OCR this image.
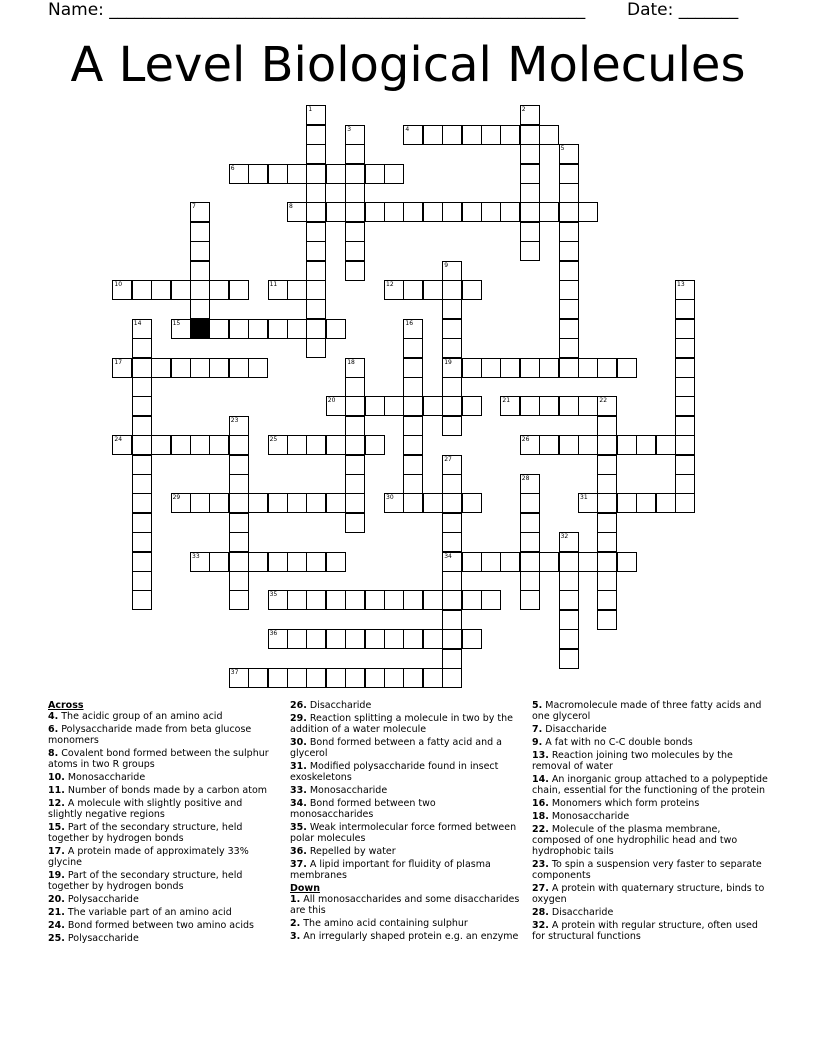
Name: ________________________________________________________ Date: _______
A Level Biological Molecules
1	2
3	4
5
6
7	8
9
10	11	12	13
14	15	16
17	18	19
20	21	22
23
24	25	26
27
28
29	30	31
32
33	34
35
36
37
Across
4. The acidic group of an amino acid
6. Polysaccharide made from beta glucose monomers
8. Covalent bond formed between the sulphur atoms in two R groups
10. Monosaccharide
11. Number of bonds made by a carbon atom
12. A molecule with slightly positive and slightly negative regions
15. Part of the secondary structure, held together by hydrogen bonds
17. A protein made of approximately 33% glycine
19. Part of the secondary structure, held together by hydrogen bonds
20. Polysaccharide
21. The variable part of an amino acid
24. Bond formed between two amino acids
25. Polysaccharide
26. Disaccharide
29. Reaction splitting a molecule in two by the addition of a water molecule
30. Bond formed between a fatty acid and a glycerol
31. Modified polysaccharide found in insect exoskeletons
33. Monosaccharide
34. Bond formed between two monosaccharides
35. Weak intermolecular force formed between polar molecules
36. Repelled by water
37. A lipid important for fluidity of plasma membranes
Down
1. All monosaccharides and some disaccharides are this
2. The amino acid containing sulphur
3. An irregularly shaped protein e.g. an enzyme
5. Macromolecule made of three fatty acids and one glycerol
7. Disaccharide
9. A fat with no C-C double bonds
13. Reaction joining two molecules by the removal of water
14. An inorganic group attached to a polypeptide chain, essential for the functioning of the protein
16. Monomers which form proteins
18. Monosaccharide
22. Molecule of the plasma membrane, composed of one hydrophilic head and two hydrophobic tails
23. To spin a suspension very faster to separate components
27. A protein with quaternary structure, binds to oxygen
28. Disaccharide
32. A protein with regular structure, often used for structural functions
